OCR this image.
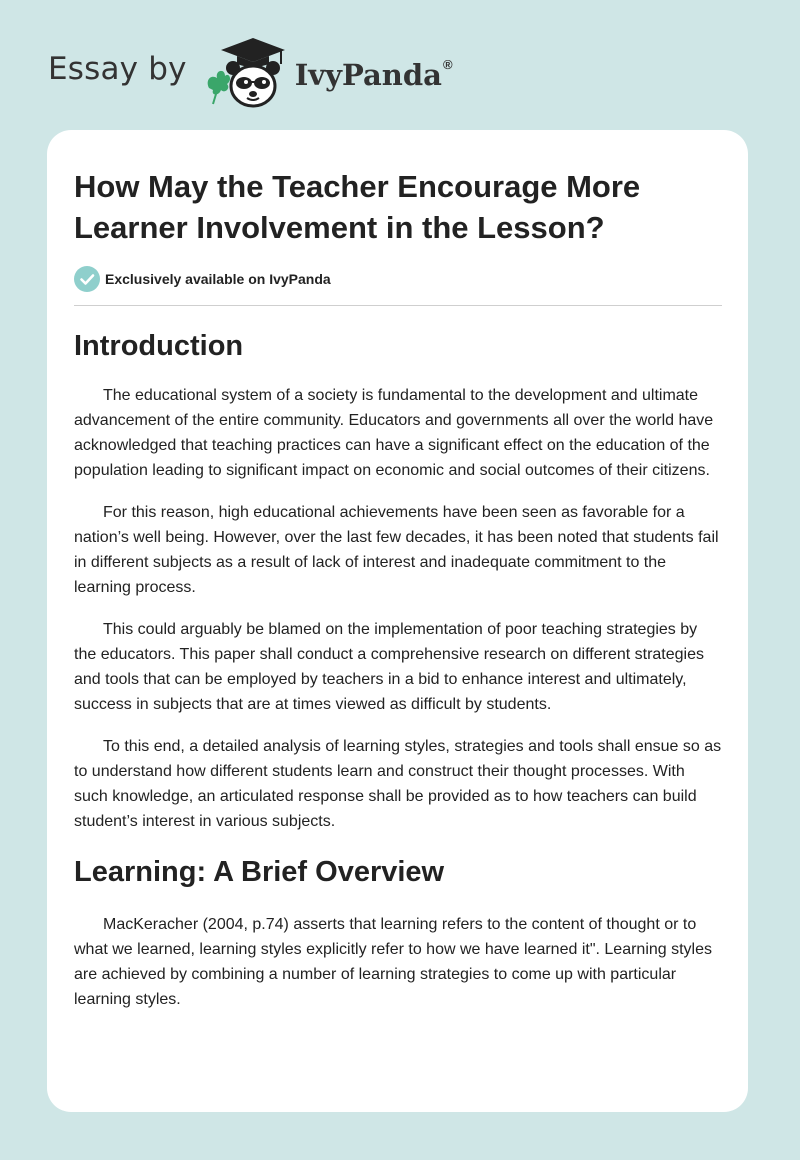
Essay by	IvyPanda®
How May the Teacher Encourage More Learner Involvement in the Lesson?
Exclusively available on IvyPanda
Introduction

The educational system of a society is fundamental to the development and ultimate advancement of the entire community. Educators and governments all over the world have acknowledged that teaching practices can have a significant effect on the education of the population leading to significant impact on economic and social outcomes of their citizens.

For this reason, high educational achievements have been seen as favorable for a nation’s well being. However, over the last few decades, it has been noted that students fail in different subjects as a result of lack of interest and inadequate commitment to the learning process.

This could arguably be blamed on the implementation of poor teaching strategies by the educators. This paper shall conduct a comprehensive research on different strategies and tools that can be employed by teachers in a bid to enhance interest and ultimately, success in subjects that are at times viewed as difficult by students.

To this end, a detailed analysis of learning styles, strategies and tools shall ensue so as to understand how different students learn and construct their thought processes. With such knowledge, an articulated response shall be provided as to how teachers can build student’s interest in various subjects.

Learning: A Brief Overview

MacKeracher (2004, p.74) asserts that learning refers to the content of thought or to what we learned, learning styles explicitly refer to how we have learned it". Learning styles are achieved by combining a number of learning strategies to come up with particular learning styles.
